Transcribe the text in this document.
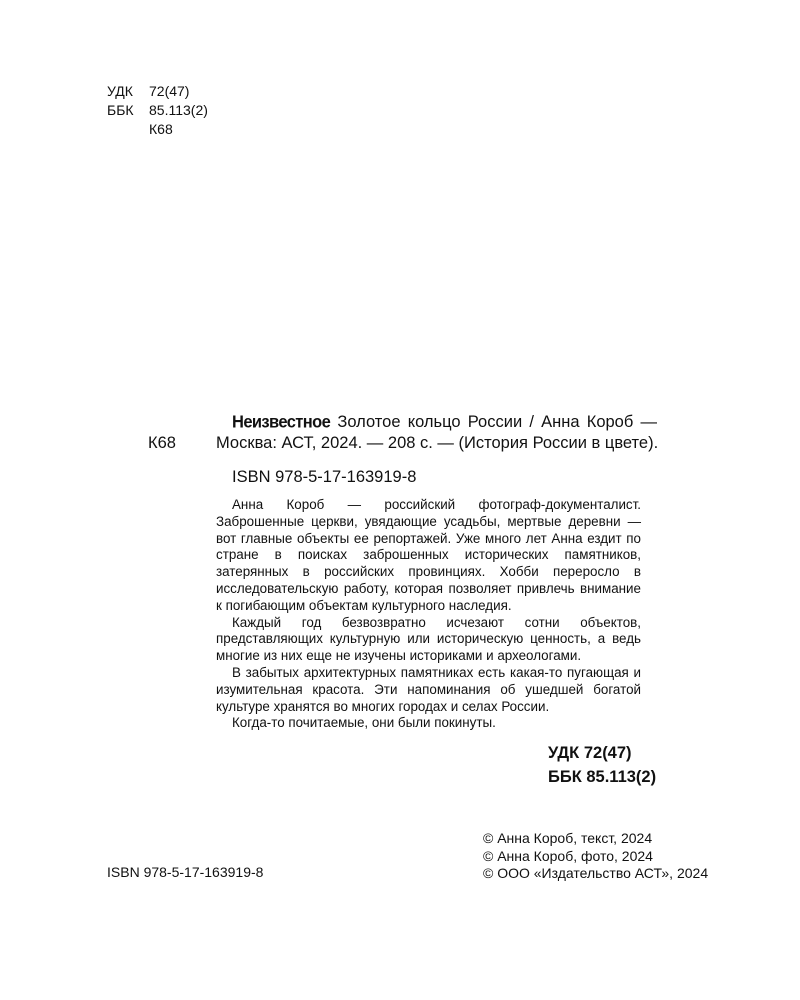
УДК 72(47)
ББК 85.113(2)
К68
К68
Неизвестное Золотое кольцо России / Анна Короб —
Москва: АСТ, 2024. — 208 с. — (История России в цвете).
ISBN 978-5-17-163919-8

Анна Короб — российский фотограф-документалист. Заброшенные церкви, увядающие усадьбы, мертвые деревни — вот главные объекты ее репортажей. Уже много лет Анна ездит по стране в поисках заброшенных исторических памятников, затерянных в российских провинциях. Хобби переросло в исследовательскую работу, которая позволяет привлечь внимание к погибающим объектам культурного наследия.

Каждый год безвозвратно исчезают сотни объектов, представляющих культурную или историческую ценность, а ведь многие из них еще не изучены историками и археологами.

В забытых архитектурных памятниках есть какая-то пугающая и изумительная красота. Эти напоминания об ушедшей богатой культуре хранятся во многих городах и селах России.

Когда-то почитаемые, они были покинуты.

УДК 72(47)
ББК 85.113(2)
ISBN 978-5-17-163919-8
© Анна Короб, текст, 2024
© Анна Короб, фото, 2024
© ООО «Издательство АСТ», 2024
